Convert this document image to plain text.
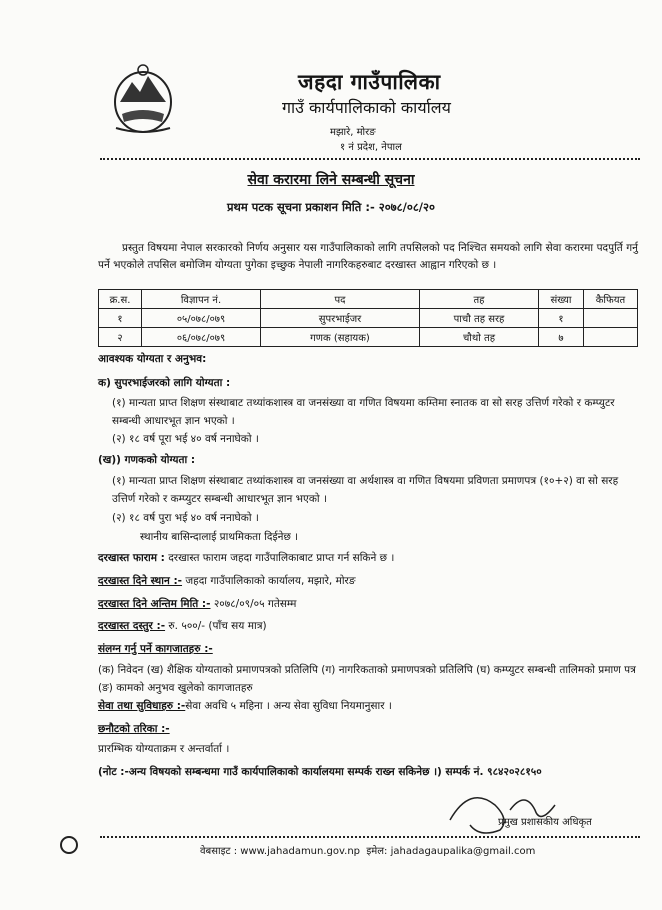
जहदा गाउँपालिका
गाउँ कार्यपालिकाको कार्यालय
मझारे, मोरङ
१ नं प्रदेश, नेपाल
सेवा करारमा लिने सम्बन्धी सूचना
प्रथम पटक सूचना प्रकाशन मिति :- २०७८/०८/२०
प्रस्तुत विषयमा नेपाल सरकारको निर्णय अनुसार यस गाउँपालिकाको लागि तपसिलको पद निश्चित समयको लागि सेवा करारमा पदपुर्ति गर्नु पर्ने भएकोले तपसिल बमोजिम योग्यता पुगेका इच्छुक नेपाली नागरिकहरुबाट दरखास्त आह्वान गरिएको छ ।
क्र.स.	विज्ञापन नं.	पद	तह	संख्या	कैफियत
१	०५/०७८/०७९	सुपरभाईजर	पाचौ तह सरह	१	
२	०६/०७८/०७९	गणक (सहायक)	चौथो तह	७	
आवश्यक योग्यता र अनुभव:
क) सुपरभाईजरको लागि योग्यता :
(१) मान्यता प्राप्त शिक्षण संस्थाबाट तथ्यांकशास्त्र वा जनसंख्या वा गणित विषयमा कम्तिमा स्नातक वा सो सरह उत्तिर्ण गरेको र कम्प्युटर सम्बन्धी आधारभूत ज्ञान भएको ।
(२) १८ वर्ष पूरा भई ४० वर्ष ननाघेको ।
(ख)) गणकको योग्यता :
(१) मान्यता प्राप्त शिक्षण संस्थाबाट तथ्यांकशास्त्र वा जनसंख्या वा अर्थशास्त्र वा गणित विषयमा प्रविणता प्रमाणपत्र (१०+२) वा सो सरह उत्तिर्ण गरेको र कम्प्युटर सम्बन्धी आधारभूत ज्ञान भएको ।
(२) १८ वर्ष पुरा भई ४० वर्ष ननाघेको ।
स्थानीय बासिन्दालाई प्राथमिकता दिईनेछ ।
दरखास्त फाराम : दरखास्त फाराम जहदा गाउँपालिकाबाट प्राप्त गर्न सकिने छ ।
दरखास्त दिने स्थान :- जहदा गाउँपालिकाको कार्यालय, मझारे, मोरङ
दरखास्त दिने अन्तिम मिति :- २०७८/०९/०५ गतेसम्म
दरखास्त दस्तुर :- रु. ५००/- (पाँच सय मात्र)
संलग्न गर्नु पर्ने कागजातहरु :-
(क) निवेदन (ख) शैक्षिक योग्यताको प्रमाणपत्रको प्रतिलिपि (ग) नागरिकताको प्रमाणपत्रको प्रतिलिपि (घ) कम्प्युटर सम्बन्धी तालिमको प्रमाण पत्र (ङ) कामको अनुभव खुलेको कागजातहरु
सेवा तथा सुविधाहरु :-सेवा अवधि ५ महिना । अन्य सेवा सुविधा नियमानुसार ।
छनौटको तरिका :-
प्रारम्भिक योग्यताक्रम र अन्तर्वार्ता ।
(नोट :-अन्य विषयको सम्बन्धमा गाउँ कार्यपालिकाको कार्यालयमा सम्पर्क राख्न सकिनेछ ।) सम्पर्क नं. ९८४२०२८१५०
प्रमुख प्रशासकीय अधिकृत
वेबसाइट : www.jahadamun.gov.np इमेल: jahadagaupalika@gmail.com
